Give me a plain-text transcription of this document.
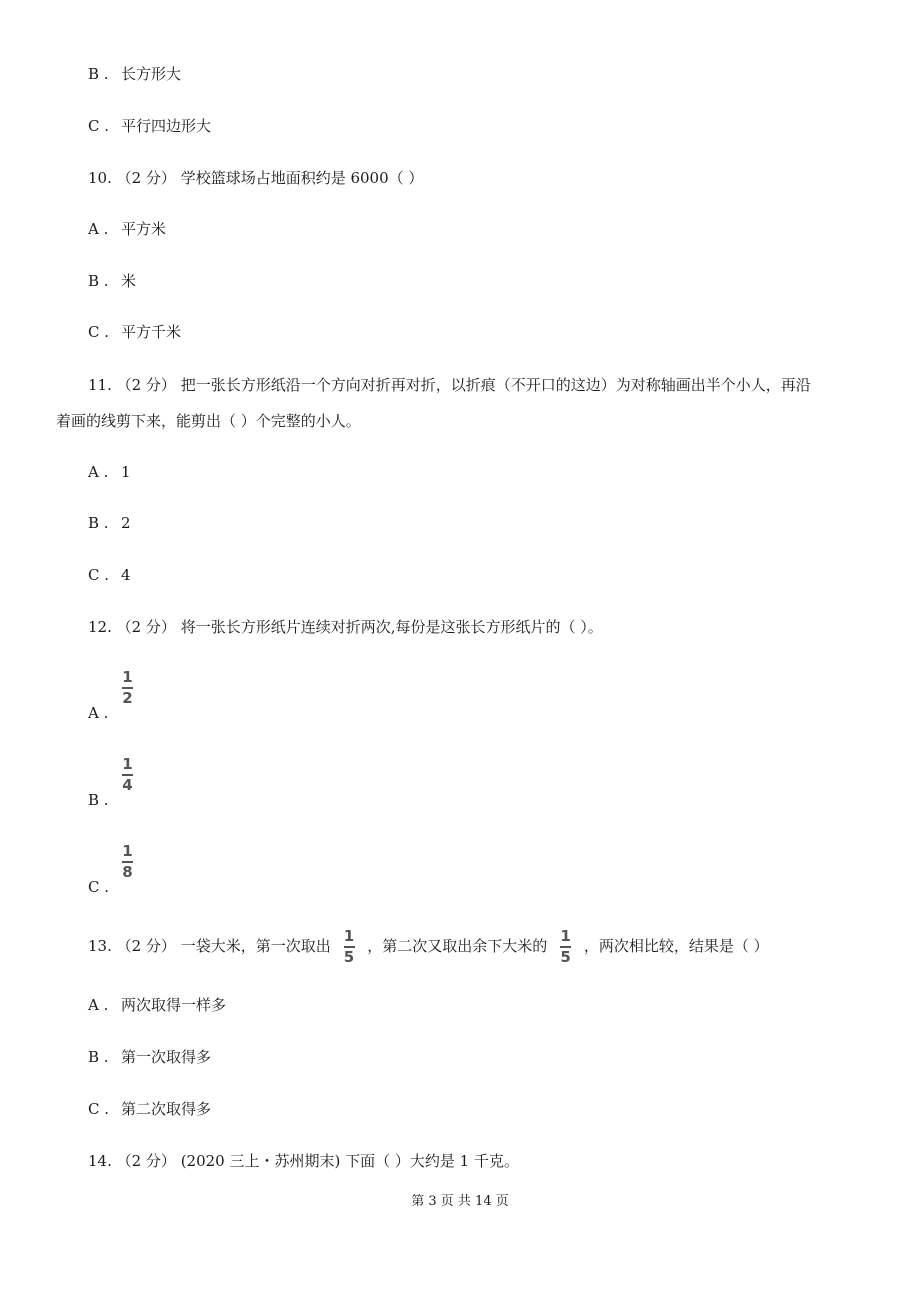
B . 长方形大
C . 平行四边形大
10. （2 分） 学校篮球场占地面积约是 6000（ ）
A . 平方米
B . 米
C . 平方千米
11. （2 分） 把一张长方形纸沿一个方向对折再对折，以折痕（不开口的这边）为对称轴画出半个小人，再沿
着画的线剪下来，能剪出（ ）个完整的小人。
A . 1
B . 2
C . 4
12. （2 分） 将一张长方形纸片连续对折两次,每份是这张长方形纸片的（ ）。
A .
1
2
B .
1
4
C .
1
8
13. （2 分） 一袋大米，第一次取出 $\frac{1}{5}$ ，第二次又取出余下大米的 $\frac{1}{5}$ ，两次相比较，结果是（ ）
A . 两次取得一样多
B . 第一次取得多
C . 第二次取得多
14. （2 分） (2020 三上・苏州期末) 下面（ ）大约是 1 千克。
第 3 页 共 14 页
